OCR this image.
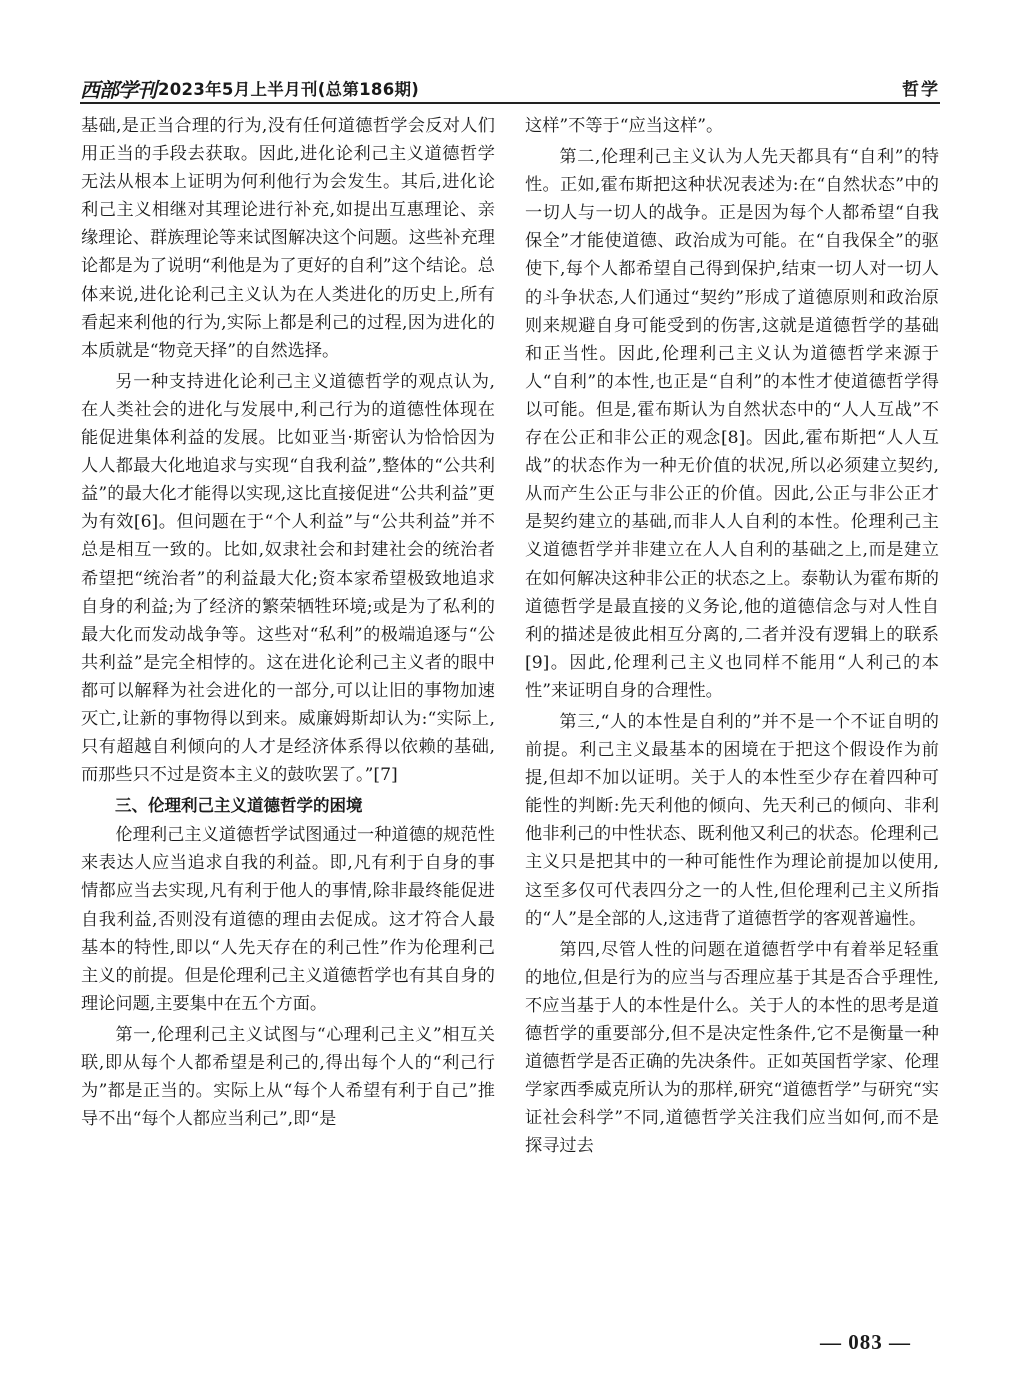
西部学刊 2023年5月上半月刊(总第186期)	哲学

基础,是正当合理的行为,没有任何道德哲学会反对人们用正当的手段去获取。因此,进化论利己主义道德哲学无法从根本上证明为何利他行为会发生。其后,进化论利己主义相继对其理论进行补充,如提出互惠理论、亲缘理论、群族理论等来试图解决这个问题。这些补充理论都是为了说明“利他是为了更好的自利”这个结论。总体来说,进化论利己主义认为在人类进化的历史上,所有看起来利他的行为,实际上都是利己的过程,因为进化的本质就是“物竞天择”的自然选择。

另一种支持进化论利己主义道德哲学的观点认为,在人类社会的进化与发展中,利己行为的道德性体现在能促进集体利益的发展。比如亚当·斯密认为恰恰因为人人都最大化地追求与实现“自我利益”,整体的“公共利益”的最大化才能得以实现,这比直接促进“公共利益”更为有效[6]。但问题在于“个人利益”与“公共利益”并不总是相互一致的。比如,奴隶社会和封建社会的统治者希望把“统治者”的利益最大化;资本家希望极致地追求自身的利益;为了经济的繁荣牺牲环境;或是为了私利的最大化而发动战争等。这些对“私利”的极端追逐与“公共利益”是完全相悖的。这在进化论利己主义者的眼中都可以解释为社会进化的一部分,可以让旧的事物加速灭亡,让新的事物得以到来。威廉姆斯却认为:“实际上,只有超越自利倾向的人才是经济体系得以依赖的基础,而那些只不过是资本主义的鼓吹罢了。”[7]

三、伦理利己主义道德哲学的困境

伦理利己主义道德哲学试图通过一种道德的规范性来表达人应当追求自我的利益。即,凡有利于自身的事情都应当去实现,凡有利于他人的事情,除非最终能促进自我利益,否则没有道德的理由去促成。这才符合人最基本的特性,即以“人先天存在的利己性”作为伦理利己主义的前提。但是伦理利己主义道德哲学也有其自身的理论问题,主要集中在五个方面。

第一,伦理利己主义试图与“心理利己主义”相互关联,即从每个人都希望是利己的,得出每个人的“利己行为”都是正当的。实际上从“每个人希望有利于自己”推导不出“每个人都应当利己”,即“是

这样”不等于“应当这样”。

第二,伦理利己主义认为人先天都具有“自利”的特性。正如,霍布斯把这种状况表述为:在“自然状态”中的一切人与一切人的战争。正是因为每个人都希望“自我保全”才能使道德、政治成为可能。在“自我保全”的驱使下,每个人都希望自己得到保护,结束一切人对一切人的斗争状态,人们通过“契约”形成了道德原则和政治原则来规避自身可能受到的伤害,这就是道德哲学的基础和正当性。因此,伦理利己主义认为道德哲学来源于人“自利”的本性,也正是“自利”的本性才使道德哲学得以可能。但是,霍布斯认为自然状态中的“人人互战”不存在公正和非公正的观念[8]。因此,霍布斯把“人人互战”的状态作为一种无价值的状况,所以必须建立契约,从而产生公正与非公正的价值。因此,公正与非公正才是契约建立的基础,而非人人自利的本性。伦理利己主义道德哲学并非建立在人人自利的基础之上,而是建立在如何解决这种非公正的状态之上。泰勒认为霍布斯的道德哲学是最直接的义务论,他的道德信念与对人性自利的描述是彼此相互分离的,二者并没有逻辑上的联系[9]。因此,伦理利己主义也同样不能用“人利己的本性”来证明自身的合理性。

第三,“人的本性是自利的”并不是一个不证自明的前提。利己主义最基本的困境在于把这个假设作为前提,但却不加以证明。关于人的本性至少存在着四种可能性的判断:先天利他的倾向、先天利己的倾向、非利他非利己的中性状态、既利他又利己的状态。伦理利己主义只是把其中的一种可能性作为理论前提加以使用,这至多仅可代表四分之一的人性,但伦理利己主义所指的“人”是全部的人,这违背了道德哲学的客观普遍性。

第四,尽管人性的问题在道德哲学中有着举足轻重的地位,但是行为的应当与否理应基于其是否合乎理性,不应当基于人的本性是什么。关于人的本性的思考是道德哲学的重要部分,但不是决定性条件,它不是衡量一种道德哲学是否正确的先决条件。正如英国哲学家、伦理学家西季威克所认为的那样,研究“道德哲学”与研究“实证社会科学”不同,道德哲学关注我们应当如何,而不是探寻过去

— 083 —
